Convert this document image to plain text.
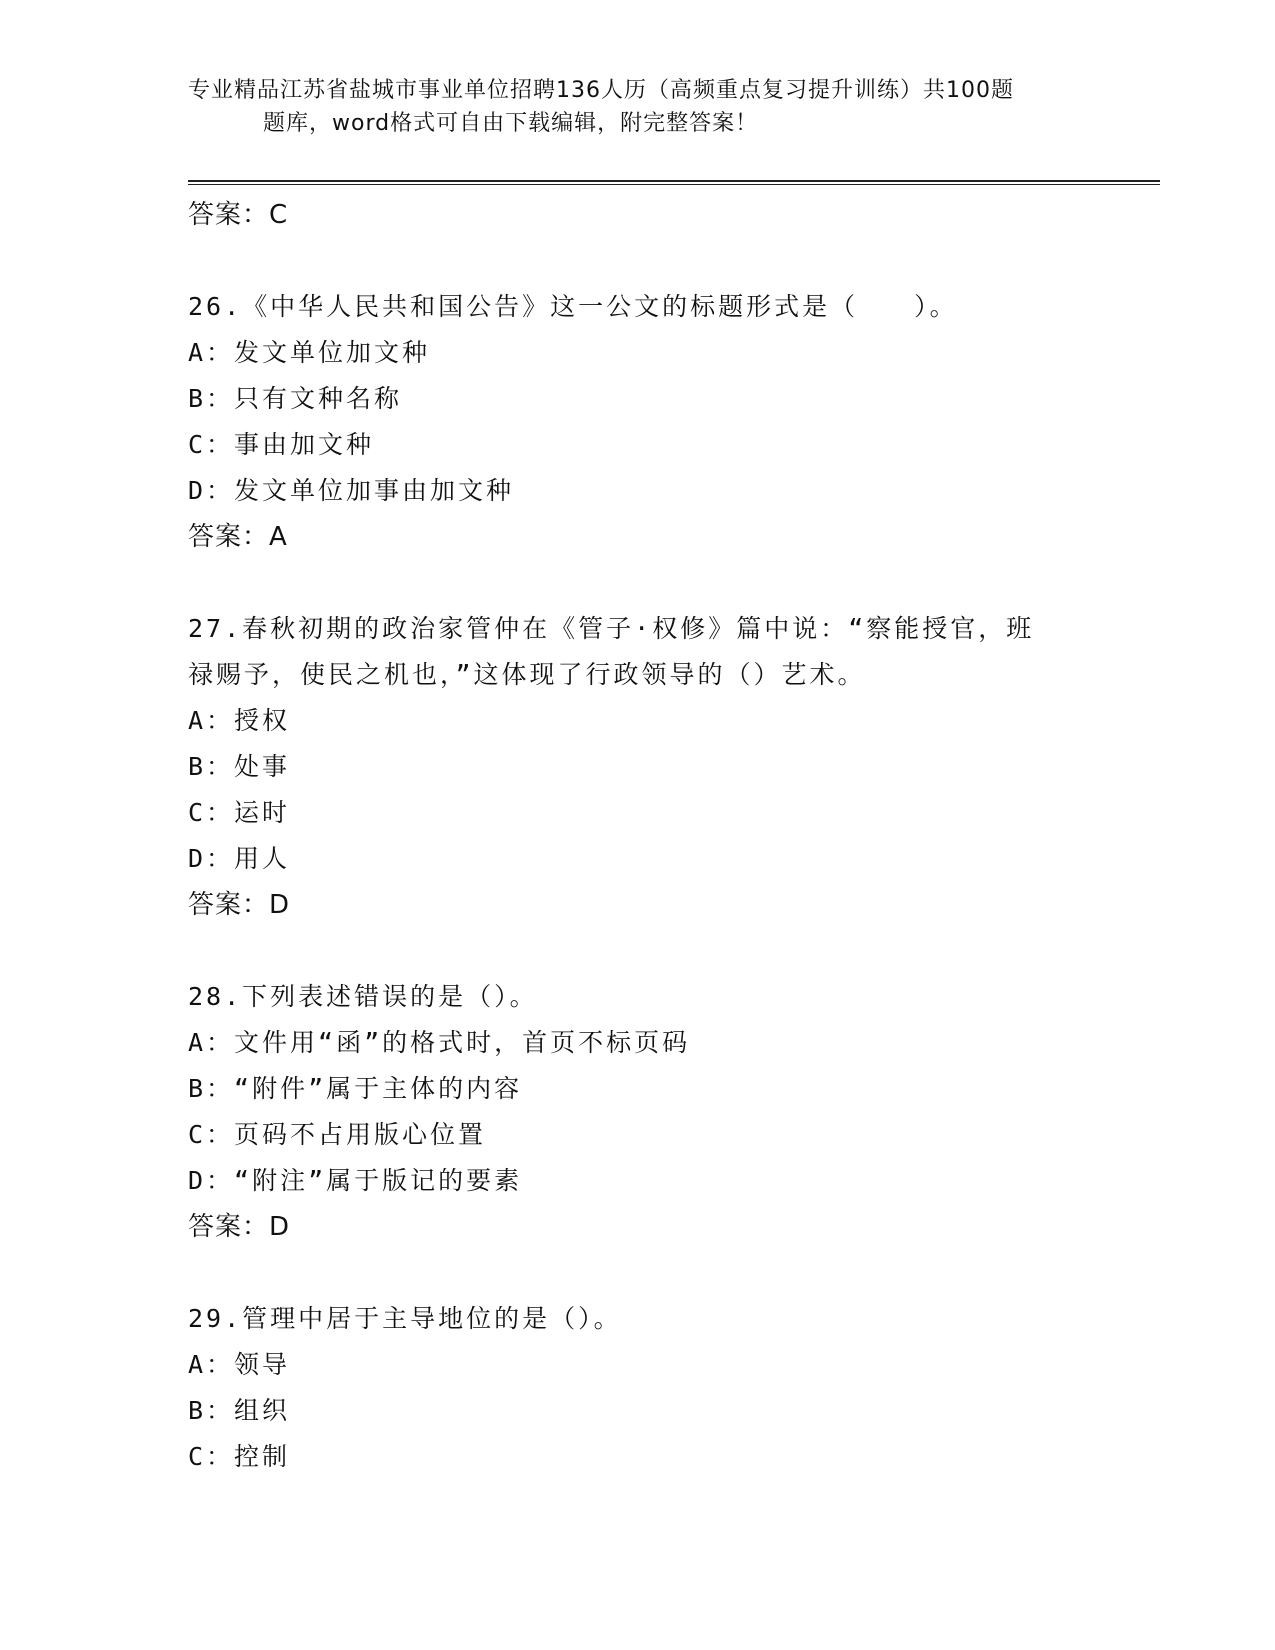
专业精品江苏省盐城市事业单位招聘136人历（高频重点复习提升训练）共100题
题库，word格式可自由下载编辑，附完整答案！
答案：C
26.《中华人民共和国公告》这一公文的标题形式是（　　）。
A：发文单位加文种
B：只有文种名称
C：事由加文种
D：发文单位加事由加文种
答案：A
27.春秋初期的政治家管仲在《管子·权修》篇中说：“察能授官，班
禄赐予，使民之机也，”这体现了行政领导的（）艺术。
A：授权
B：处事
C：运时
D：用人
答案：D
28.下列表述错误的是（）。
A：文件用“函”的格式时，首页不标页码
B：“附件”属于主体的内容
C：页码不占用版心位置
D：“附注”属于版记的要素
答案：D
29.管理中居于主导地位的是（）。
A：领导
B：组织
C：控制
